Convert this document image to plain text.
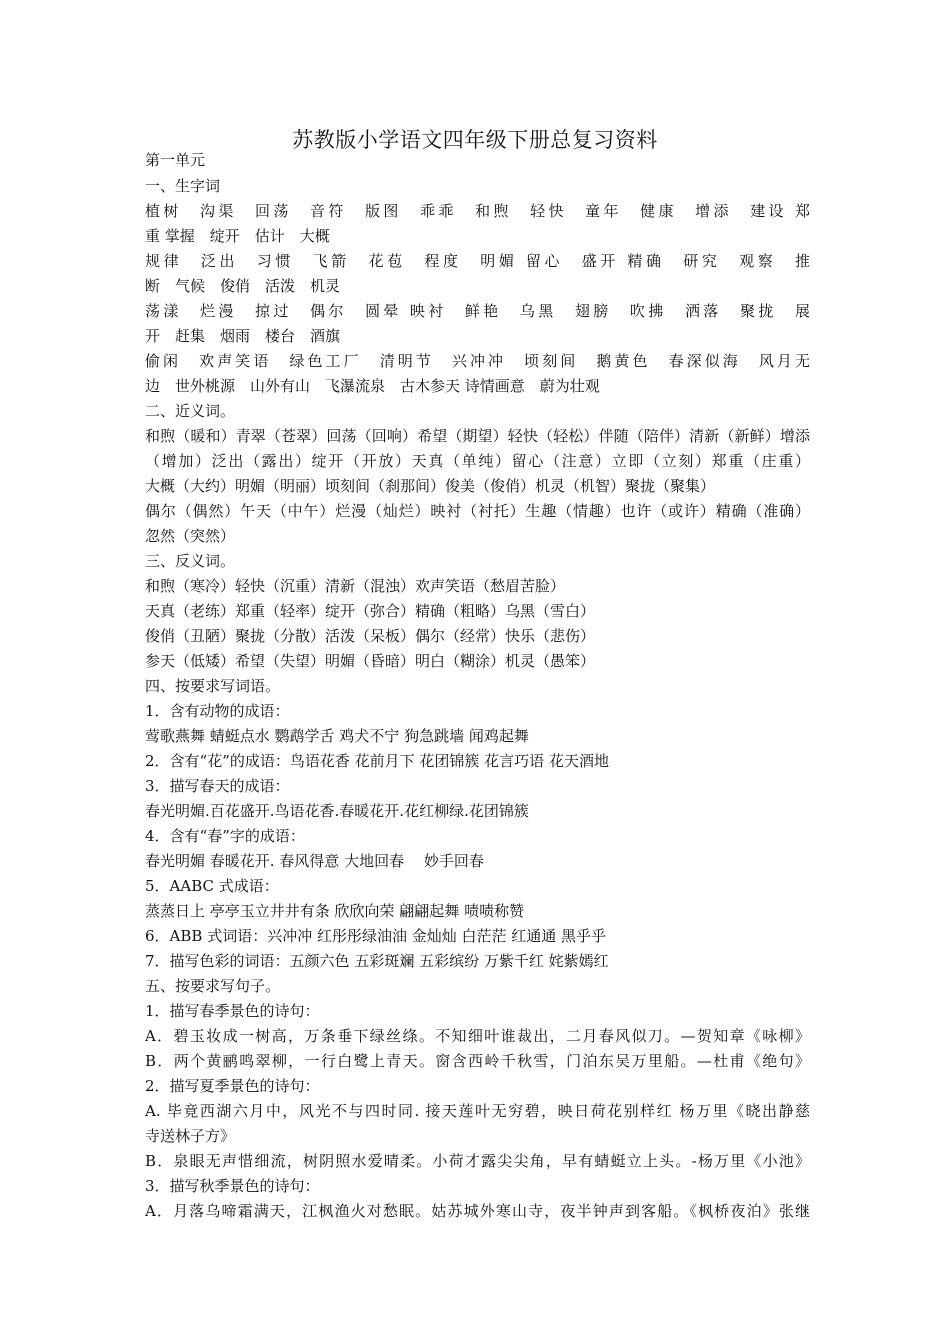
苏教版小学语文四年级下册总复习资料
第一单元
一、生字词
植树　沟渠　回荡　音符　版图　乖乖　和煦　轻快　童年　健康　增添　建设 郑
重 掌握　绽开　估计　大概
规律　泛出　习惯　飞箭　花苞　程度　明媚 留心　盛开 精确　研究　观察　推
断　气候　俊俏　活泼　机灵
荡漾　烂漫　掠过　偶尔　圆晕 映衬　鲜艳　乌黑　翅膀　吹拂　洒落　聚拢　展
开　赶集　烟雨　楼台　酒旗
偷闲　欢声笑语　绿色工厂　清明节　兴冲冲　顷刻间　鹅黄色　春深似海　风月无
边　世外桃源　山外有山　飞瀑流泉　古木参天 诗情画意　蔚为壮观
二、近义词。
和煦（暖和）青翠（苍翠）回荡（回响）希望（期望）轻快（轻松）伴随（陪伴）清新（新鲜）增添
（增加）泛出（露出）绽开（开放）天真（单纯）留心（注意）立即（立刻）郑重（庄重）
大概（大约）明媚（明丽）顷刻间（刹那间）俊美（俊俏）机灵（机智）聚拢（聚集）
偶尔（偶然）午天（中午）烂漫（灿烂）映衬（衬托）生趣（情趣）也许（或许）精确（准确）
忽然（突然）
三、反义词。
和煦（寒冷）轻快（沉重）清新（混浊）欢声笑语（愁眉苦脸）
天真（老练）郑重（轻率）绽开（弥合）精确（粗略）乌黑（雪白）
俊俏（丑陋）聚拢（分散）活泼（呆板）偶尔（经常）快乐（悲伤）
参天（低矮）希望（失望）明媚（昏暗）明白（糊涂）机灵（愚笨）
四、按要求写词语。
1．含有动物的成语：
莺歌燕舞 蜻蜓点水 鹦鹉学舌 鸡犬不宁 狗急跳墙 闻鸡起舞
2．含有“花”的成语：鸟语花香 花前月下 花团锦簇 花言巧语 花天酒地
3．描写春天的成语：
春光明媚.百花盛开.鸟语花香.春暖花开.花红柳绿.花团锦簇
4．含有“春”字的成语：
春光明媚 春暖花开. 春风得意 大地回春　 妙手回春
5．AABC 式成语：
蒸蒸日上 亭亭玉立井井有条 欣欣向荣 翩翩起舞 啧啧称赞
6．ABB 式词语：兴冲冲 红彤彤绿油油 金灿灿 白茫茫 红通通 黑乎乎
7．描写色彩的词语：五颜六色 五彩斑斓 五彩缤纷 万紫千红 姹紫嫣红
五、按要求写句子。
1．描写春季景色的诗句：
A．碧玉妆成一树高，万条垂下绿丝绦。不知细叶谁裁出，二月春风似刀。—贺知章《咏柳》
B．两个黄鹂鸣翠柳，一行白鹭上青天。窗含西岭千秋雪，门泊东吴万里船。—杜甫《绝句》
2．描写夏季景色的诗句：
A. 毕竟西湖六月中，风光不与四时同. 接天莲叶无穷碧，映日荷花别样红 杨万里《晓出静慈
寺送林子方》
B．泉眼无声惜细流，树阴照水爱晴柔。小荷才露尖尖角，早有蜻蜓立上头。-杨万里《小池》
3．描写秋季景色的诗句：
A．月落乌啼霜满天，江枫渔火对愁眠。姑苏城外寒山寺，夜半钟声到客船。《枫桥夜泊》张继
